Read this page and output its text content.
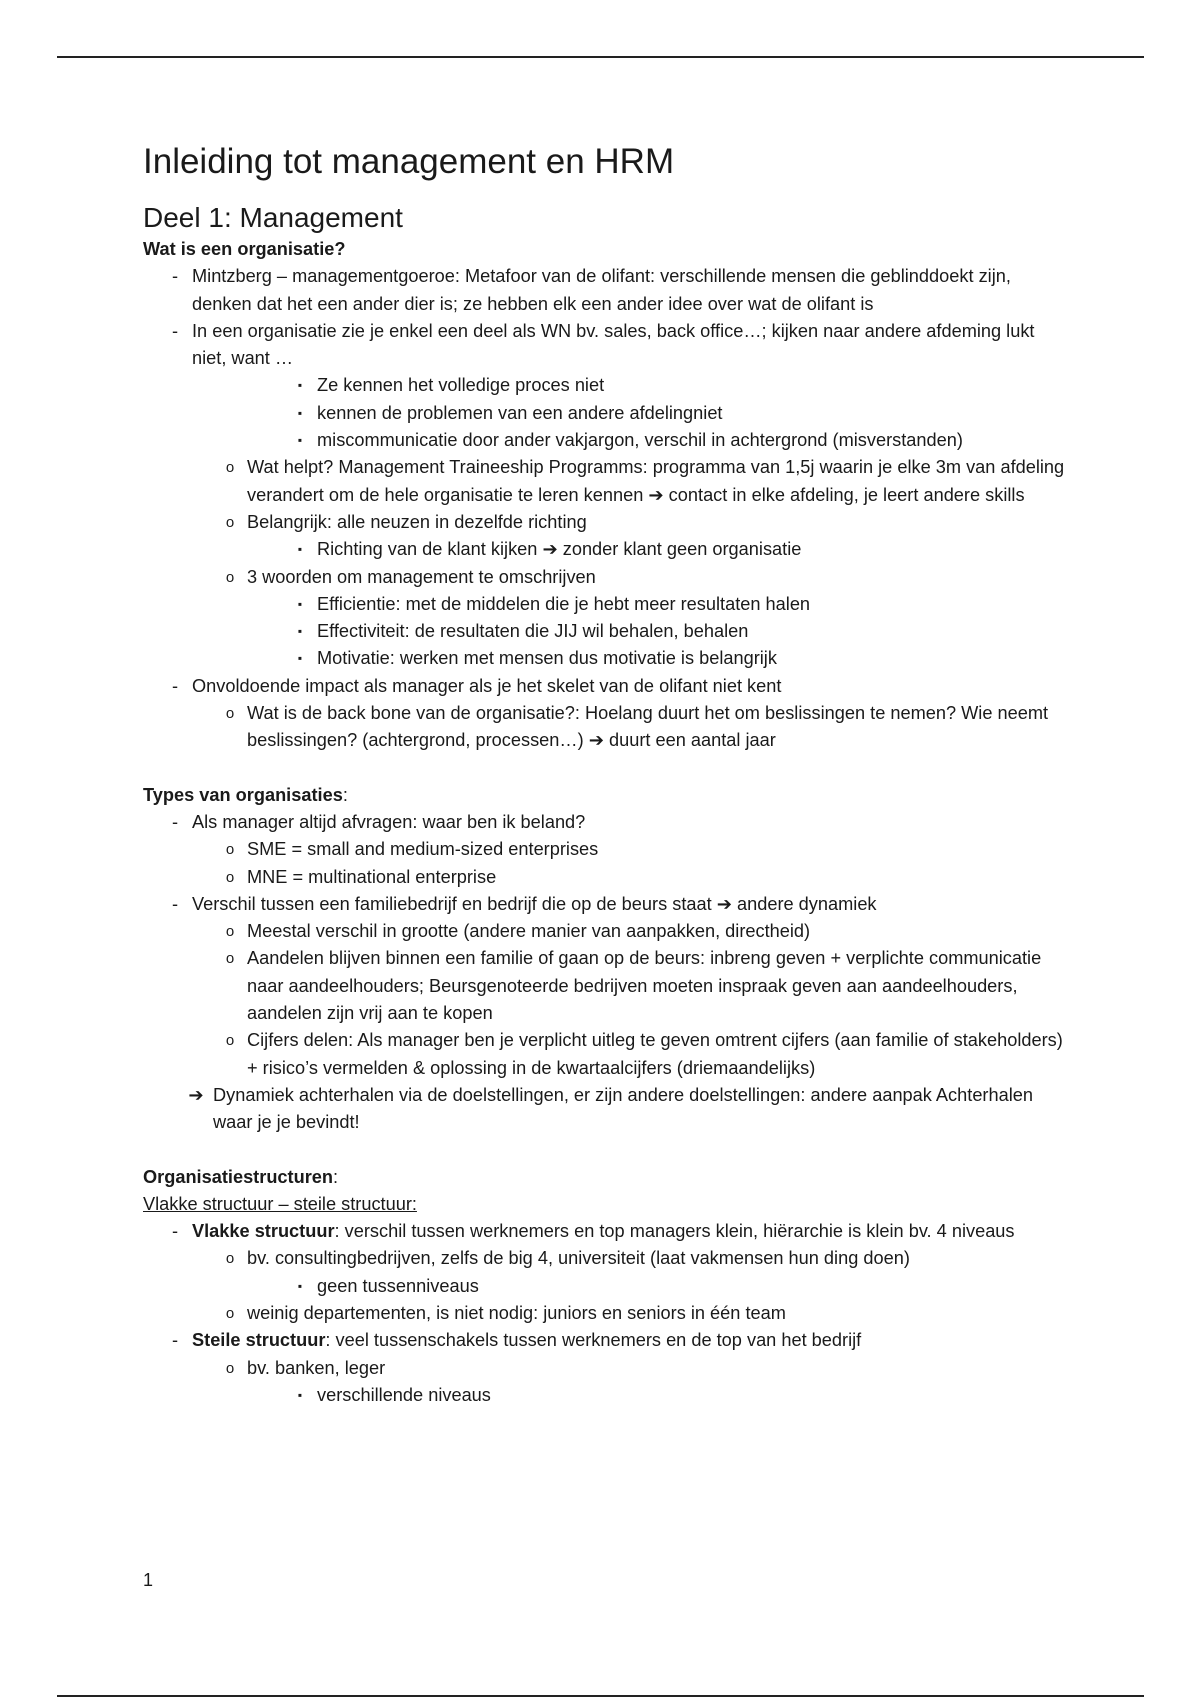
Inleiding tot management en HRM
Deel 1: Management

Wat is een organisatie?

- Mintzberg – managementgoeroe: Metafoor van de olifant: verschillende mensen die geblinddoekt zijn, denken dat het een ander dier is; ze hebben elk een ander idee over wat de olifant is
- In een organisatie zie je enkel een deel als WN bv. sales, back office…; kijken naar andere afdeming lukt niet, want …
▪ Ze kennen het volledige proces niet
▪ kennen de problemen van een andere afdelingniet
▪ miscommunicatie door ander vakjargon, verschil in achtergrond (misverstanden)
o Wat helpt? Management Traineeship Programms: programma van 1,5j waarin je elke 3m van afdeling verandert om de hele organisatie te leren kennen ➔ contact in elke afdeling, je leert andere skills
o Belangrijk: alle neuzen in dezelfde richting
▪ Richting van de klant kijken ➔ zonder klant geen organisatie
o 3 woorden om management te omschrijven
▪ Efficientie: met de middelen die je hebt meer resultaten halen
▪ Effectiviteit: de resultaten die JIJ wil behalen, behalen
▪ Motivatie: werken met mensen dus motivatie is belangrijk
- Onvoldoende impact als manager als je het skelet van de olifant niet kent
o Wat is de back bone van de organisatie?: Hoelang duurt het om beslissingen te nemen? Wie neemt beslissingen? (achtergrond, processen…) ➔ duurt een aantal jaar

Types van organisaties:

- Als manager altijd afvragen: waar ben ik beland?
o SME = small and medium-sized enterprises
o MNE = multinational enterprise
- Verschil tussen een familiebedrijf en bedrijf die op de beurs staat ➔ andere dynamiek
o Meestal verschil in grootte (andere manier van aanpakken, directheid)
o Aandelen blijven binnen een familie of gaan op de beurs: inbreng geven + verplichte communicatie naar aandeelhouders; Beursgenoteerde bedrijven moeten inspraak geven aan aandeelhouders, aandelen zijn vrij aan te kopen
o Cijfers delen: Als manager ben je verplicht uitleg te geven omtrent cijfers (aan familie of stakeholders) + risico’s vermelden & oplossing in de kwartaalcijfers (driemaandelijks)
➔ Dynamiek achterhalen via de doelstellingen, er zijn andere doelstellingen: andere aanpak Achterhalen waar je je bevindt!

Organisatiestructuren:

Vlakke structuur – steile structuur:
- Vlakke structuur: verschil tussen werknemers en top managers klein, hiërarchie is klein bv. 4 niveaus
o bv. consultingbedrijven, zelfs de big 4, universiteit (laat vakmensen hun ding doen)
▪ geen tussenniveaus
o weinig departementen, is niet nodig: juniors en seniors in één team
- Steile structuur: veel tussenschakels tussen werknemers en de top van het bedrijf
o bv. banken, leger
▪ verschillende niveaus
1
